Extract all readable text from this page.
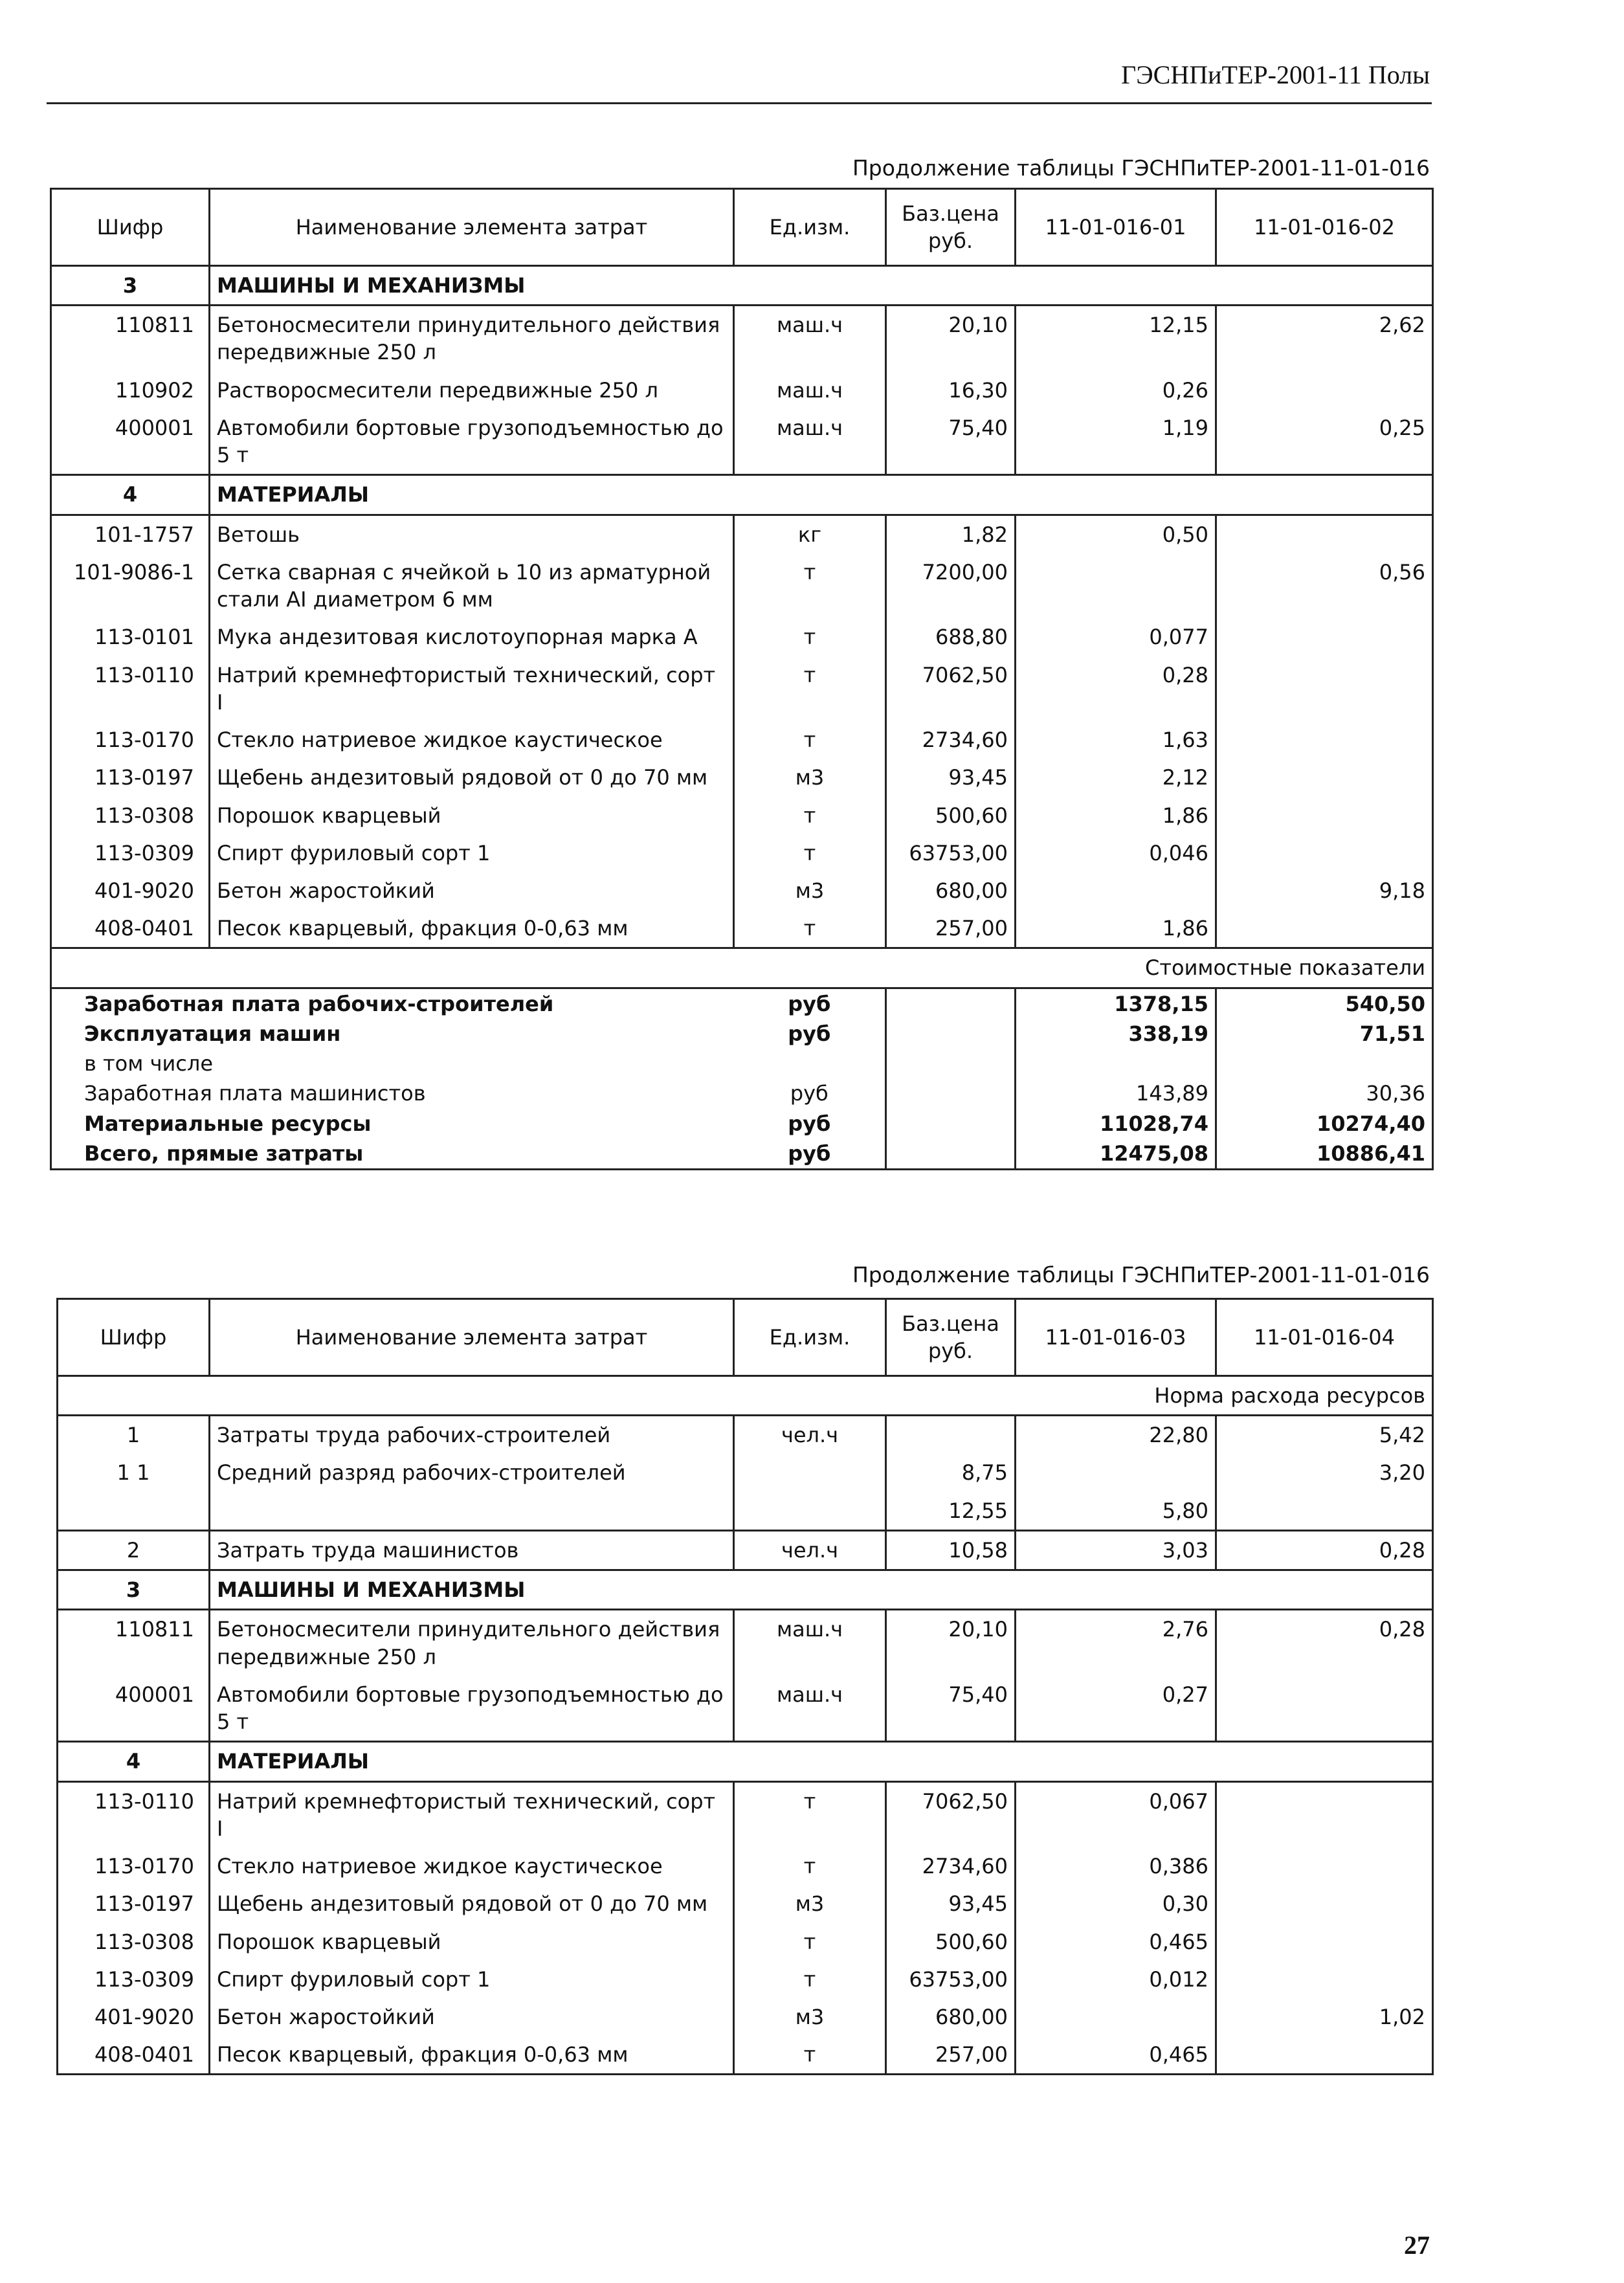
ГЭСНПиТЕР-2001-11 Полы
Продолжение таблицы ГЭСНПиТЕР-2001-11-01-016
Шифр	Наименование элемента затрат	Ед.изм.	Баз.цена руб.	11-01-016-01	11-01-016-02
3	МАШИНЫ И МЕХАНИЗМЫ				
110811	Бетоносмесители принудительного действия передвижные 250 л	маш.ч	20,10	12,15	2,62
110902	Растворосмесители передвижные 250 л	маш.ч	16,30	0,26	
400001	Автомобили бортовые грузоподъемностью до 5 т	маш.ч	75,40	1,19	0,25
4	МАТЕРИАЛЫ				
101-1757	Ветошь	кг	1,82	0,50	
101-9086-1	Сетка сварная с ячейкой ь 10 из арматурной стали AI диаметром 6 мм	т	7200,00		0,56
113-0101	Мука андезитовая кислотоупорная марка А	т	688,80	0,077	
113-0110	Натрий кремнефтористый технический, сорт I	т	7062,50	0,28	
113-0170	Стекло натриевое жидкое каустическое	т	2734,60	1,63	
113-0197	Щебень андезитовый рядовой от 0 до 70 мм	м3	93,45	2,12	
113-0308	Порошок кварцевый	т	500,60	1,86	
113-0309	Спирт фуриловый сорт 1	т	63753,00	0,046	
401-9020	Бетон жаростойкий	м3	680,00		9,18
408-0401	Песок кварцевый, фракция 0-0,63 мм	т	257,00	1,86	
Стоимостные показатели					
Заработная плата рабочих-строителей		руб		1378,15	540,50
Эксплуатация машин		руб		338,19	71,51
в том числе					
Заработная плата машинистов		руб		143,89	30,36
Материальные ресурсы		руб		11028,74	10274,40
Всего, прямые затраты		руб		12475,08	10886,41
Продолжение таблицы ГЭСНПиТЕР-2001-11-01-016
Шифр	Наименование элемента затрат	Ед.изм.	Баз.цена руб.	11-01-016-03	11-01-016-04
Норма расхода ресурсов					
1	Затраты труда рабочих-строителей	чел.ч		22,80	5,42
1 1	Средний разряд рабочих-строителей		8,75		3,20
			12,55	5,80	
2	Затрать труда машинистов	чел.ч	10,58	3,03	0,28
3	МАШИНЫ И МЕХАНИЗМЫ				
110811	Бетоносмесители принудительного действия передвижные 250 л	маш.ч	20,10	2,76	0,28
400001	Автомобили бортовые грузоподъемностью до 5 т	маш.ч	75,40	0,27	
4	МАТЕРИАЛЫ				
113-0110	Натрий кремнефтористый технический, сорт I	т	7062,50	0,067	
113-0170	Стекло натриевое жидкое каустическое	т	2734,60	0,386	
113-0197	Щебень андезитовый рядовой от 0 до 70 мм	м3	93,45	0,30	
113-0308	Порошок кварцевый	т	500,60	0,465	
113-0309	Спирт фуриловый сорт 1	т	63753,00	0,012	
401-9020	Бетон жаростойкий	м3	680,00		1,02
408-0401	Песок кварцевый, фракция 0-0,63 мм	т	257,00	0,465	
27
